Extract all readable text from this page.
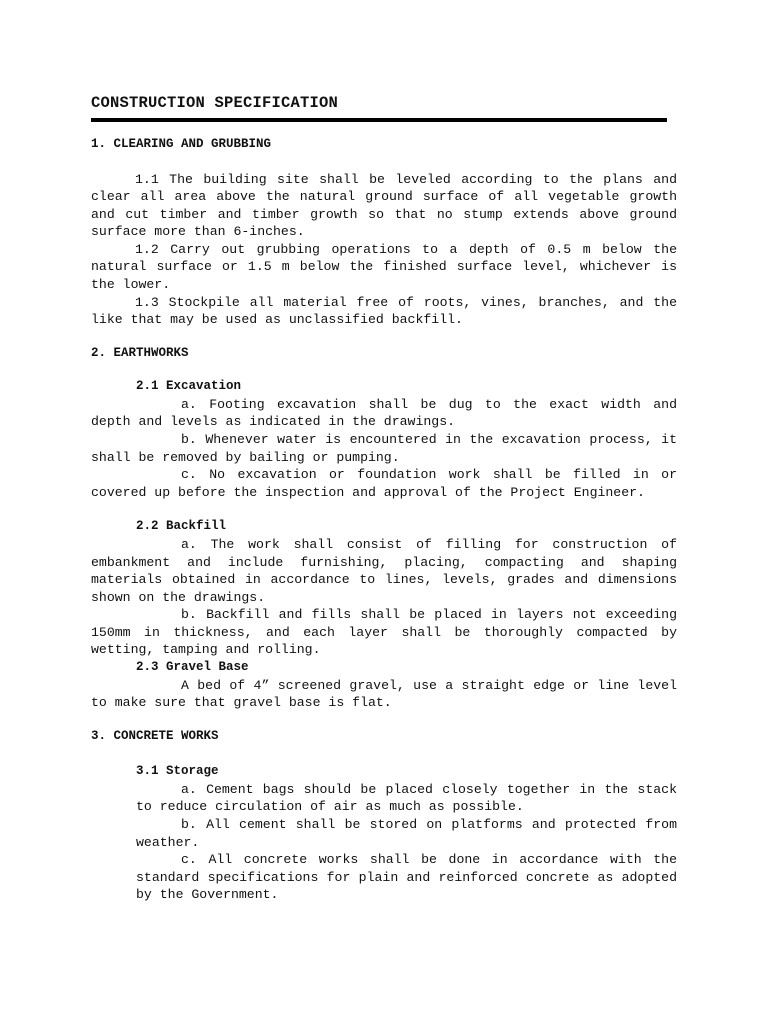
CONSTRUCTION SPECIFICATION
1. CLEARING AND GRUBBING

1.1 The building site shall be leveled according to the plans and clear all area above the natural ground surface of all vegetable growth and cut timber and timber growth so that no stump extends above ground surface more than 6-inches.

1.2 Carry out grubbing operations to a depth of 0.5 m below the natural surface or 1.5 m below the finished surface level, whichever is the lower.

1.3 Stockpile all material free of roots, vines, branches, and the like that may be used as unclassified backfill.

2. EARTHWORKS
2.1 Excavation

a. Footing excavation shall be dug to the exact width and depth and levels as indicated in the drawings.

b. Whenever water is encountered in the excavation process, it shall be removed by bailing or pumping.

c. No excavation or foundation work shall be filled in or covered up before the inspection and approval of the Project Engineer.

2.2 Backfill

a. The work shall consist of filling for construction of embankment and include furnishing, placing, compacting and shaping materials obtained in accordance to lines, levels, grades and dimensions shown on the drawings.

b. Backfill and fills shall be placed in layers not exceeding 150mm in thickness, and each layer shall be thoroughly compacted by wetting, tamping and rolling.

2.3 Gravel Base

A bed of 4” screened gravel, use a straight edge or line level to make sure that gravel base is flat.

3. CONCRETE WORKS
3.1 Storage

a. Cement bags should be placed closely together in the stack to reduce circulation of air as much as possible.

b. All cement shall be stored on platforms and protected from weather.

c. All concrete works shall be done in accordance with the standard specifications for plain and reinforced concrete as adopted by the Government.
